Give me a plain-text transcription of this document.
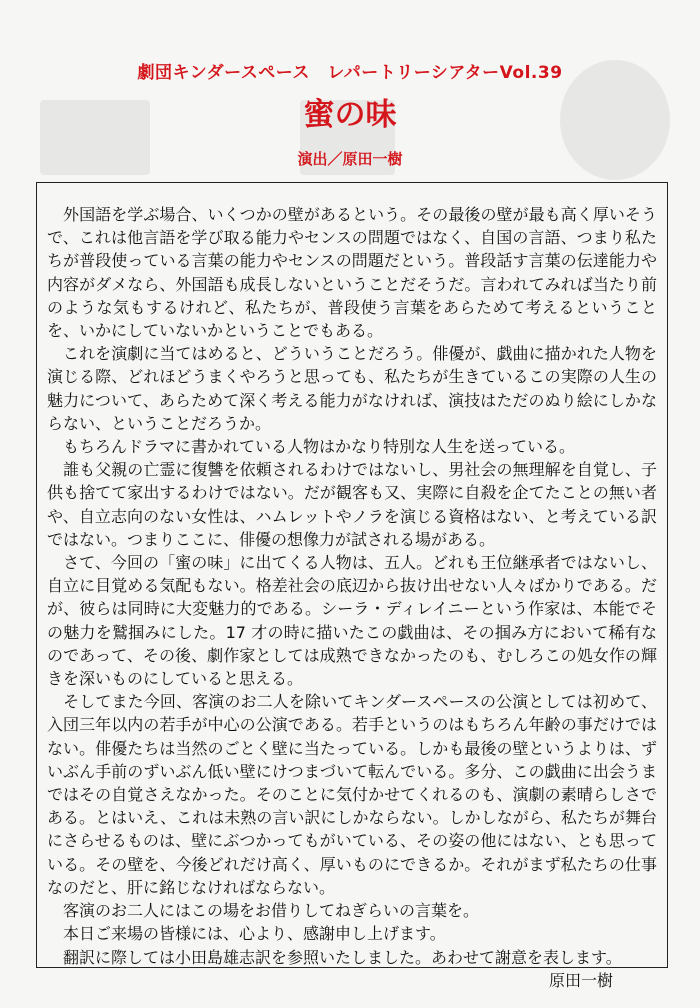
劇団キンダースペース　レパートリーシアターVol.39
蜜の味
演出／原田一樹

　外国語を学ぶ場合、いくつかの壁があるという。その最後の壁が最も高く厚いそうで、これは他言語を学び取る能力やセンスの問題ではなく、自国の言語、つまり私たちが普段使っている言葉の能力やセンスの問題だという。普段話す言葉の伝達能力や内容がダメなら、外国語も成長しないということだそうだ。言われてみれば当たり前のような気もするけれど、私たちが、普段使う言葉をあらためて考えるということを、いかにしていないかということでもある。

　これを演劇に当てはめると、どういうことだろう。俳優が、戯曲に描かれた人物を演じる際、どれほどうまくやろうと思っても、私たちが生きているこの実際の人生の魅力について、あらためて深く考える能力がなければ、演技はただのぬり絵にしかならない、ということだろうか。

　もちろんドラマに書かれている人物はかなり特別な人生を送っている。

　誰も父親の亡霊に復讐を依頼されるわけではないし、男社会の無理解を自覚し、子供も捨てて家出するわけではない。だが観客も又、実際に自殺を企てたことの無い者や、自立志向のない女性は、ハムレットやノラを演じる資格はない、と考えている訳ではない。つまりここに、俳優の想像力が試される場がある。

　さて、今回の「蜜の味」に出てくる人物は、五人。どれも王位継承者ではないし、自立に目覚める気配もない。格差社会の底辺から抜け出せない人々ばかりである。だが、彼らは同時に大変魅力的である。シーラ・ディレイニーという作家は、本能でその魅力を鷲掴みにした。17 才の時に描いたこの戯曲は、その掴み方において稀有なのであって、その後、劇作家としては成熟できなかったのも、むしろこの処女作の輝きを深いものにしていると思える。

　そしてまた今回、客演のお二人を除いてキンダースペースの公演としては初めて、入団三年以内の若手が中心の公演である。若手というのはもちろん年齢の事だけではない。俳優たちは当然のごとく壁に当たっている。しかも最後の壁というよりは、ずいぶん手前のずいぶん低い壁にけつまづいて転んでいる。多分、この戯曲に出会うまではその自覚さえなかった。そのことに気付かせてくれるのも、演劇の素晴らしさである。とはいえ、これは未熟の言い訳にしかならない。しかしながら、私たちが舞台にさらせるものは、壁にぶつかってもがいている、その姿の他にはない、とも思っている。その壁を、今後どれだけ高く、厚いものにできるか。それがまず私たちの仕事なのだと、肝に銘じなければならない。

　客演のお二人にはこの場をお借りしてねぎらいの言葉を。

　本日ご来場の皆様には、心より、感謝申し上げます。

　翻訳に際しては小田島雄志訳を参照いたしました。あわせて謝意を表します。

原田一樹
